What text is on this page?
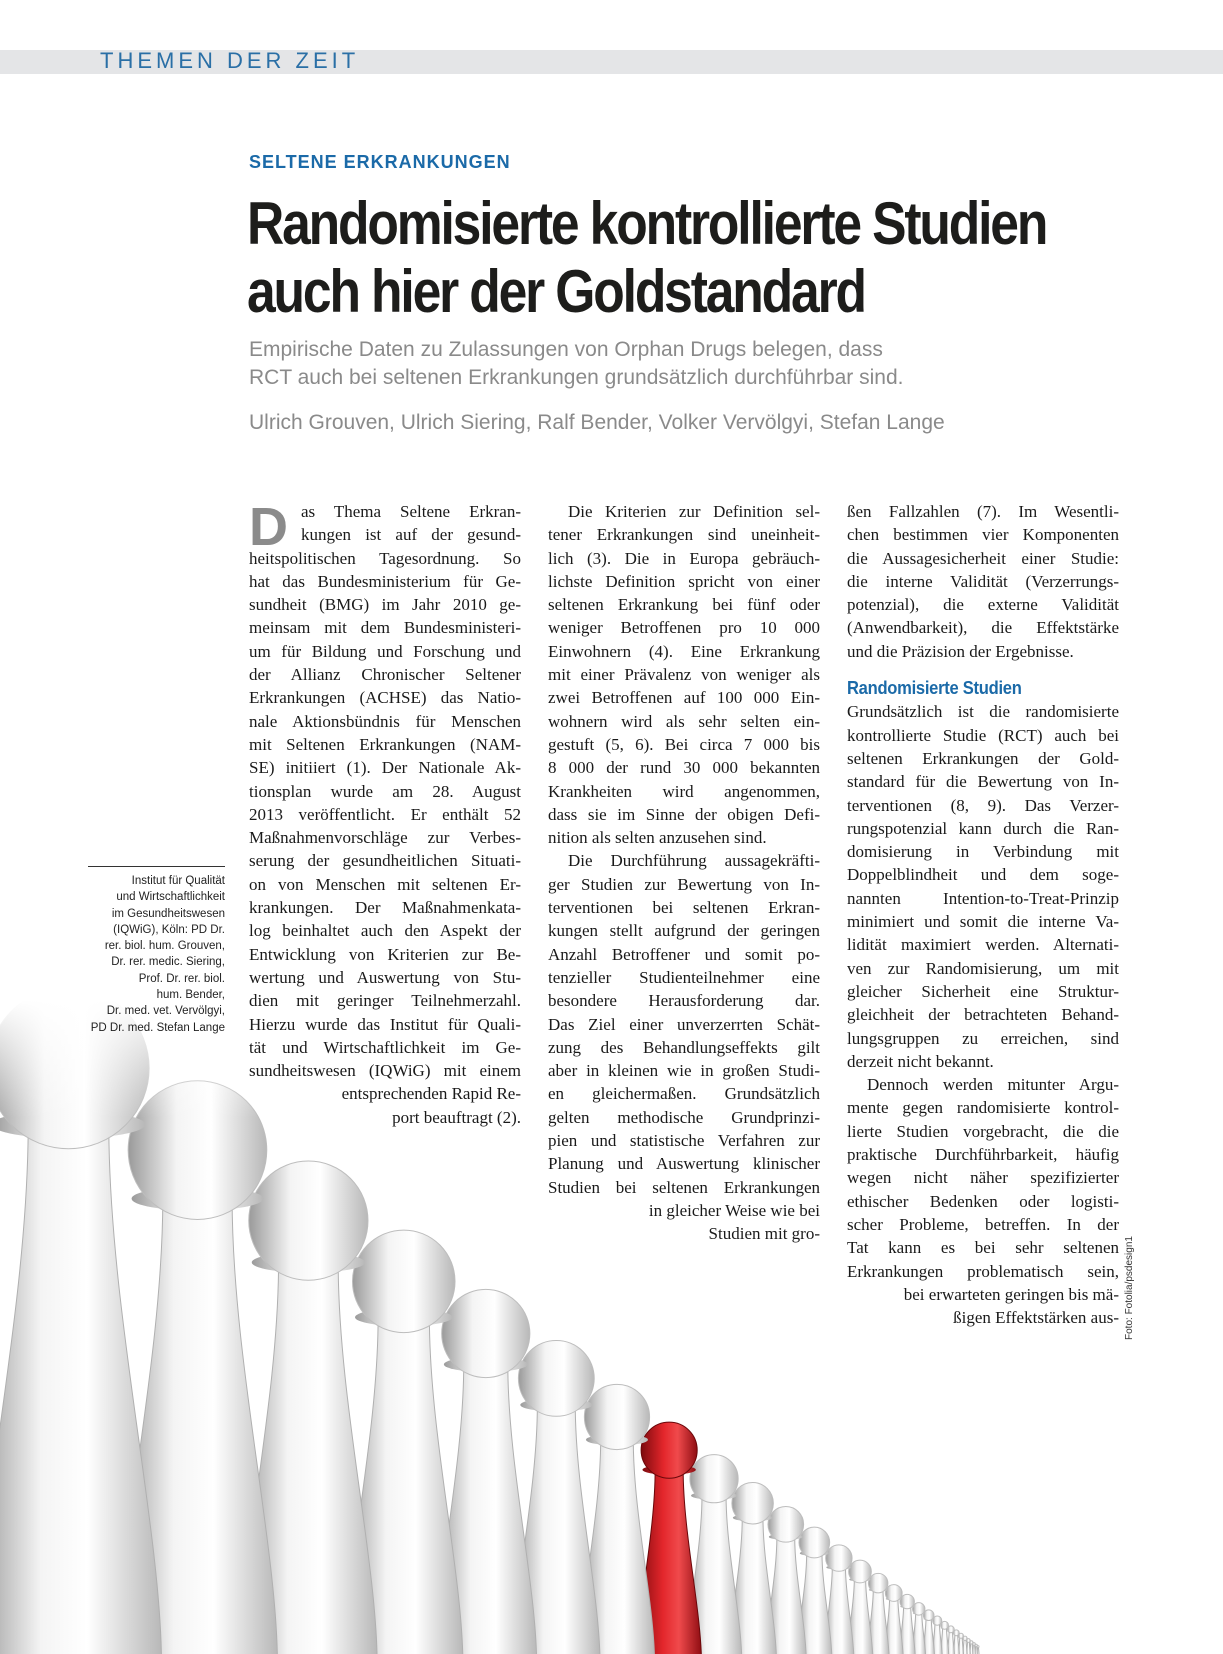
THEMEN DER ZEIT
SELTENE ERKRANKUNGEN
Randomisierte kontrollierte Studien
auch hier der Goldstandard
Empirische Daten zu Zulassungen von Orphan Drugs belegen, dass
RCT auch bei seltenen Erkrankungen grundsätzlich durchführbar sind.
Ulrich Grouven, Ulrich Siering, Ralf Bender, Volker Vervölgyi, Stefan Lange
Institut für Qualität
und Wirtschaftlichkeit
im Gesundheitswesen
(IQWiG), Köln: PD Dr.
rer. biol. hum. Grouven,
Dr. rer. medic. Siering,
Prof. Dr. rer. biol.
hum. Bender,
Dr. med. vet. Vervölgyi,
PD Dr. med. Stefan Lange
D as Thema Seltene Erkran-
kungen ist auf der gesund-
heitspolitischen Tagesordnung. So
hat das Bundesministerium für Ge-
sundheit (BMG) im Jahr 2010 ge-
meinsam mit dem Bundesministeri-
um für Bildung und Forschung und
der Allianz Chronischer Seltener
Erkrankungen (ACHSE) das Natio-
nale Aktionsbündnis für Menschen
mit Seltenen Erkrankungen (NAM-
SE) initiiert (1). Der Nationale Ak-
tionsplan wurde am 28. August
2013 veröffentlicht. Er enthält 52
Maßnahmenvorschläge zur Verbes-
serung der gesundheitlichen Situati-
on von Menschen mit seltenen Er-
krankungen. Der Maßnahmenkata-
log beinhaltet auch den Aspekt der
Entwicklung von Kriterien zur Be-
wertung und Auswertung von Stu-
dien mit geringer Teilnehmerzahl.
Hierzu wurde das Institut für Quali-
tät und Wirtschaftlichkeit im Ge-
sundheitswesen (IQWiG) mit einem
entsprechenden Rapid Re-
port beauftragt (2).
Die Kriterien zur Definition sel-
tener Erkrankungen sind uneinheit-
lich (3). Die in Europa gebräuch-
lichste Definition spricht von einer
seltenen Erkrankung bei fünf oder
weniger Betroffenen pro 10 000
Einwohnern (4). Eine Erkrankung
mit einer Prävalenz von weniger als
zwei Betroffenen auf 100 000 Ein-
wohnern wird als sehr selten ein-
gestuft (5, 6). Bei circa 7 000 bis
8 000 der rund 30 000 bekannten
Krankheiten wird angenommen,
dass sie im Sinne der obigen Defi-
nition als selten anzusehen sind.
Die Durchführung aussagekräfti-
ger Studien zur Bewertung von In-
terventionen bei seltenen Erkran-
kungen stellt aufgrund der geringen
Anzahl Betroffener und somit po-
tenzieller Studienteilnehmer eine
besondere Herausforderung dar.
Das Ziel einer unverzerrten Schät-
zung des Behandlungseffekts gilt
aber in kleinen wie in großen Studi-
en gleichermaßen. Grundsätzlich
gelten methodische Grundprinzi-
pien und statistische Verfahren zur
Planung und Auswertung klinischer
Studien bei seltenen Erkrankungen
in gleicher Weise wie bei
Studien mit gro-
ßen Fallzahlen (7). Im Wesentli-
chen bestimmen vier Komponenten
die Aussagesicherheit einer Studie:
die interne Validität (Verzerrungs-
potenzial), die externe Validität
(Anwendbarkeit), die Effektstärke
und die Präzision der Ergebnisse.
Randomisierte Studien
Grundsätzlich ist die randomisierte
kontrollierte Studie (RCT) auch bei
seltenen Erkrankungen der Gold-
standard für die Bewertung von In-
terventionen (8, 9). Das Verzer-
rungspotenzial kann durch die Ran-
domisierung in Verbindung mit
Doppelblindheit und dem soge-
nannten Intention-to-Treat-Prinzip
minimiert und somit die interne Va-
lidität maximiert werden. Alternati-
ven zur Randomisierung, um mit
gleicher Sicherheit eine Struktur-
gleichheit der betrachteten Behand-
lungsgruppen zu erreichen, sind
derzeit nicht bekannt.
Dennoch werden mitunter Argu-
mente gegen randomisierte kontrol-
lierte Studien vorgebracht, die die
praktische Durchführbarkeit, häufig
wegen nicht näher spezifizierter
ethischer Bedenken oder logisti-
scher Probleme, betreffen. In der
Tat kann es bei sehr seltenen
Erkrankungen problematisch sein,
bei erwarteten geringen bis mä-
ßigen Effektstärken aus- Foto: Fotolia/psdesign1
